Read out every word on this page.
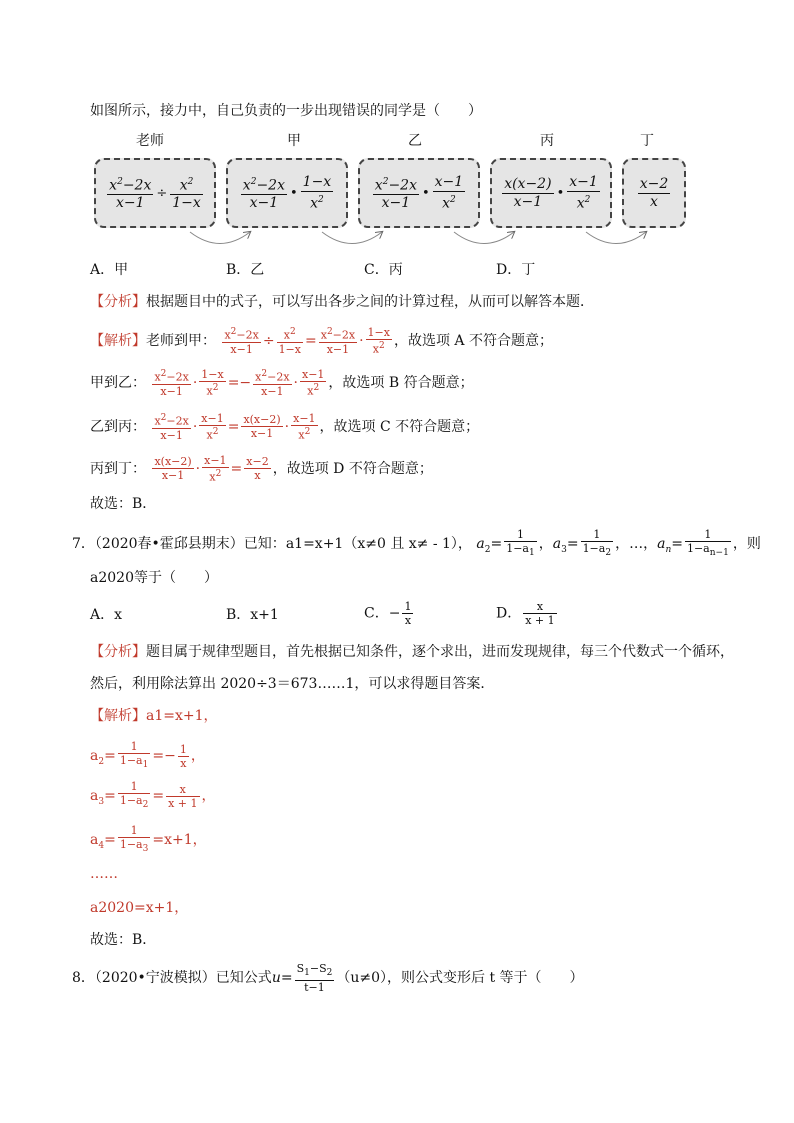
如图所示，接力中，自己负责的一步出现错误的同学是（　　）
老师	甲	乙	丙	丁
$\frac{x^2-2x}{x-1} \div \frac{x^2}{1-x}$	$\frac{x^2-2x}{x-1}$ • $\frac{1-x}{x^2}$	$\frac{x^2-2x}{x-1}$ • $\frac{x-1}{x^2}$	$\frac{x(x-2)}{x-1}$ • $\frac{x-1}{x^2}$	$\frac{x-2}{x}$
A．甲	B．乙	C．丙	D．丁
【分析】根据题目中的式子，可以写出各步之间的计算过程，从而可以解答本题．
【解析】老师到甲： $\frac{x^2-2x}{x-1} \div \frac{x^2}{1-x} = \frac{x^2-2x}{x-1} \cdot \frac{1-x}{x^2}$ ，故选项 A 不符合题意；
甲到乙： $\frac{x^2-2x}{x-1} \cdot \frac{1-x}{x^2} =- \frac{x^2-2x}{x-1} \cdot \frac{x-1}{x^2}$ ，故选项 B 符合题意；
乙到丙： $\frac{x^2-2x}{x-1} \cdot \frac{x-1}{x^2} = \frac{x(x-2)}{x-1} \cdot \frac{x-1}{x^2}$ ，故选项 C 不符合题意；
丙到丁： $\frac{x(x-2)}{x-1} \cdot \frac{x-1}{x^2} = \frac{x-2}{x}$ ，故选项 D 不符合题意；
故选：B．
7．（2020春•霍邱县期末）已知：a1=x+1（x≠0 且 x≠ - 1）， $a_2= \frac{1}{1-a_1}$ ，$a_3= \frac{1}{1-a_2}$ ，…，$a_n= \frac{1}{1-a_{n-1}}$ ，则
a2020等于（　　）
A．x	B．x+1	C．− $\frac{1}{x}$	D． $\frac{x}{x + 1}$
【分析】题目属于规律型题目，首先根据已知条件，逐个求出，进而发现规律，每三个代数式一个循环，
然后，利用除法算出 2020÷3＝673……1，可以求得题目答案．
【解析】a1=x+1，
$a_2= \frac{1}{1-a_1} =- \frac{1}{x}$ ，
$a_3= \frac{1}{1-a_2} = \frac{x}{x + 1}$ ，
$a_4= \frac{1}{1-a_3} =x+1$，
……
a2020=x+1，
故选：B．
8．（2020•宁波模拟）已知公式$u= \frac{S_1-S_2}{t-1} (u\ne 0)$，则公式变形后 t 等于（　　）
